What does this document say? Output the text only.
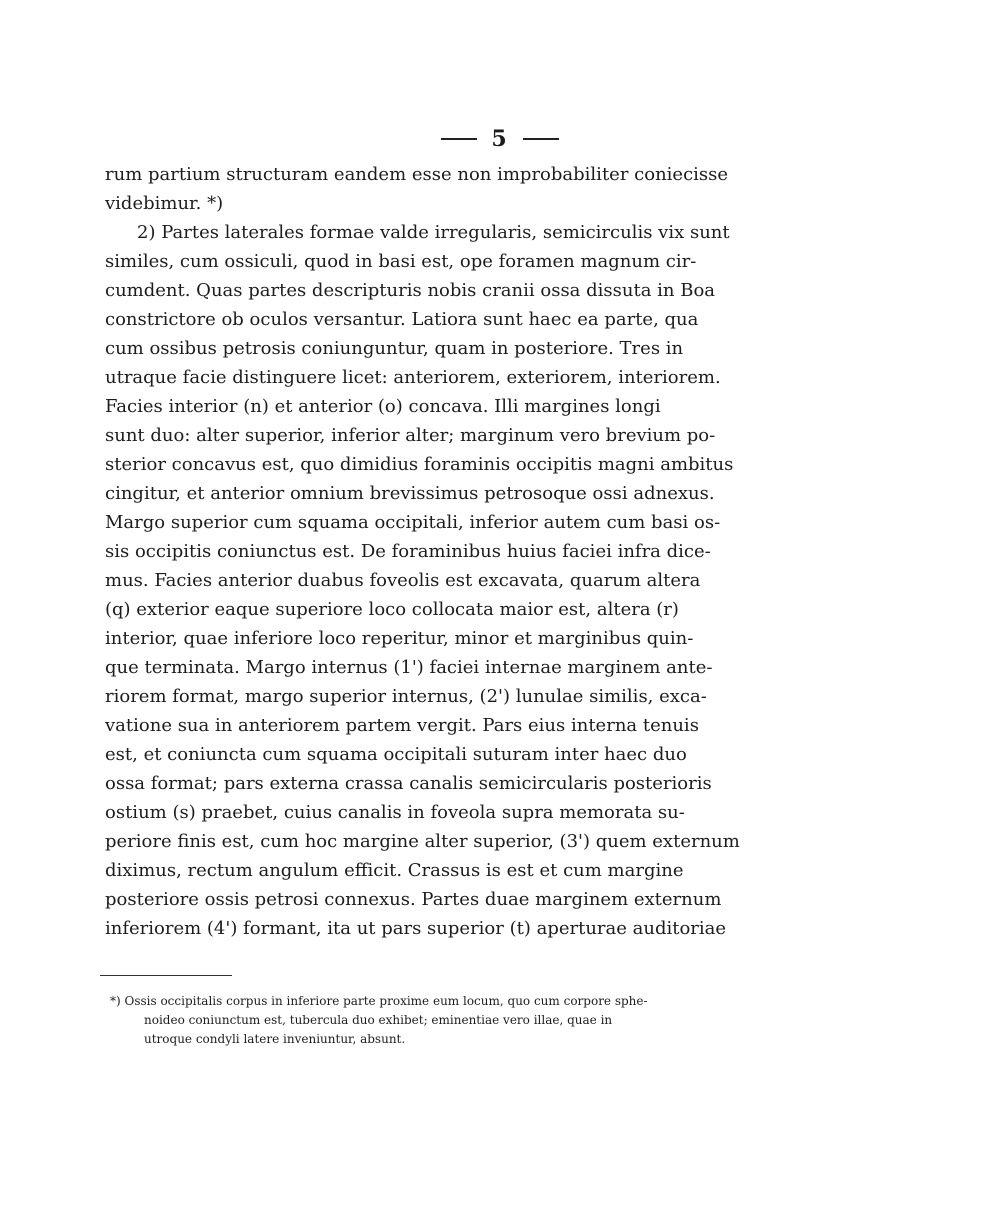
5
rum partium structuram eandem esse non improbabiliter coniecisse
videbimur. *)
2) Partes laterales formae valde irregularis, semicirculis vix sunt
similes, cum ossiculi, quod in basi est, ope foramen magnum cir-
cumdent. Quas partes descripturis nobis cranii ossa dissuta in Boa
constrictore ob oculos versantur. Latiora sunt haec ea parte, qua
cum ossibus petrosis coniunguntur, quam in posteriore. Tres in
utraque facie distinguere licet: anteriorem, exteriorem, interiorem.
Facies interior (n) et anterior (o) concava. Illi margines longi
sunt duo: alter superior, inferior alter; marginum vero brevium po-
sterior concavus est, quo dimidius foraminis occipitis magni ambitus
cingitur, et anterior omnium brevissimus petrosoque ossi adnexus.
Margo superior cum squama occipitali, inferior autem cum basi os-
sis occipitis coniunctus est. De foraminibus huius faciei infra dice-
mus. Facies anterior duabus foveolis est excavata, quarum altera
(q) exterior eaque superiore loco collocata maior est, altera (r)
interior, quae inferiore loco reperitur, minor et marginibus quin-
que terminata. Margo internus (1') faciei internae marginem ante-
riorem format, margo superior internus, (2') lunulae similis, exca-
vatione sua in anteriorem partem vergit. Pars eius interna tenuis
est, et coniuncta cum squama occipitali suturam inter haec duo
ossa format; pars externa crassa canalis semicircularis posterioris
ostium (s) praebet, cuius canalis in foveola supra memorata su-
periore finis est, cum hoc margine alter superior, (3') quem externum
diximus, rectum angulum efficit. Crassus is est et cum margine
posteriore ossis petrosi connexus. Partes duae marginem externum
inferiorem (4') formant, ita ut pars superior (t) aperturae auditoriae
*) Ossis occipitalis corpus in inferiore parte proxime eum locum, quo cum corpore sphe-
noideo coniunctum est, tubercula duo exhibet; eminentiae vero illae, quae in
utroque condyli latere inveniuntur, absunt.
